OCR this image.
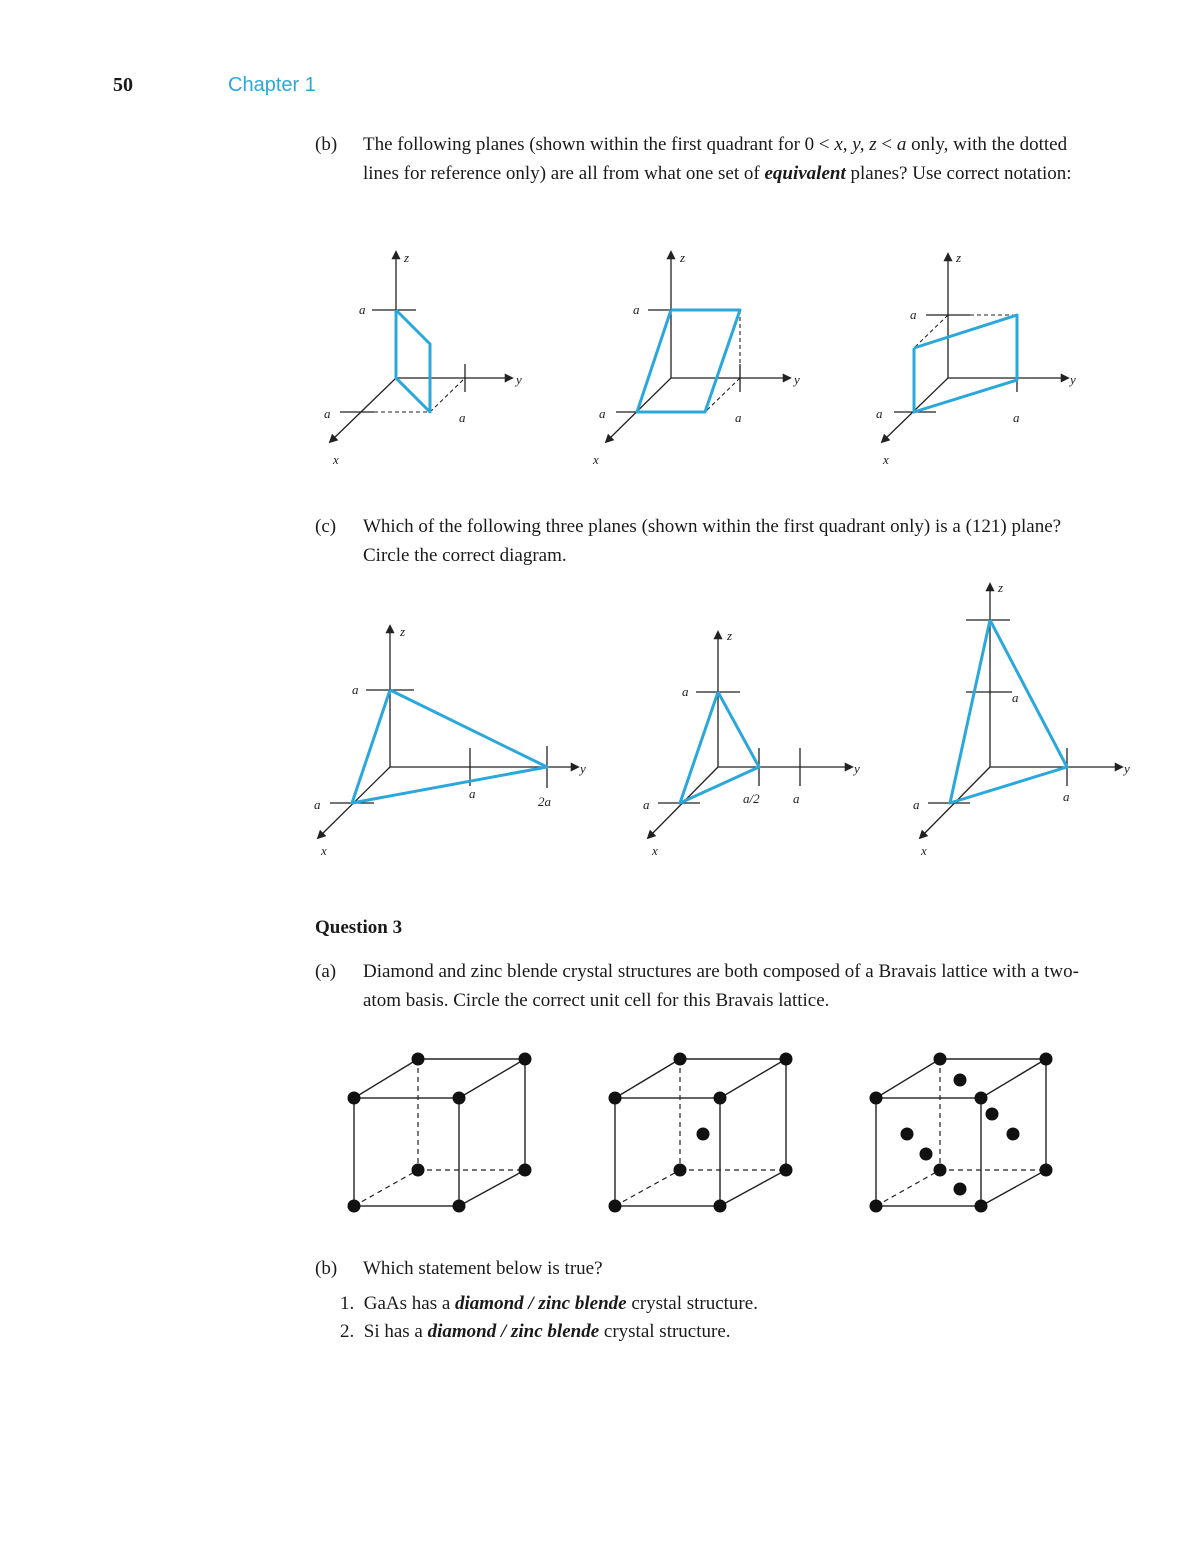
50	Chapter 1
(b) The following planes (shown within the first quadrant for 0 < x, y, z < a only, with the dotted lines for reference only) are all from what one set of equivalent planes? Use correct notation:
z
y
x
a
a	a
z
y
x
a
a	a
z
y
x
a
a	a
z
y
x
a
a
a
2a
z
y
x
a
a	a/2	a
z
y
x
a
a
a
(c) Which of the following three planes (shown within the first quadrant only) is a (121) plane? Circle the correct diagram.
Question 3
(a) Diamond and zinc blende crystal structures are both composed of a Bravais lattice with a two-atom basis. Circle the correct unit cell for this Bravais lattice.
(b) Which statement below is true?
1. GaAs has a diamond / zinc blende crystal structure.
2. Si has a diamond / zinc blende crystal structure.
